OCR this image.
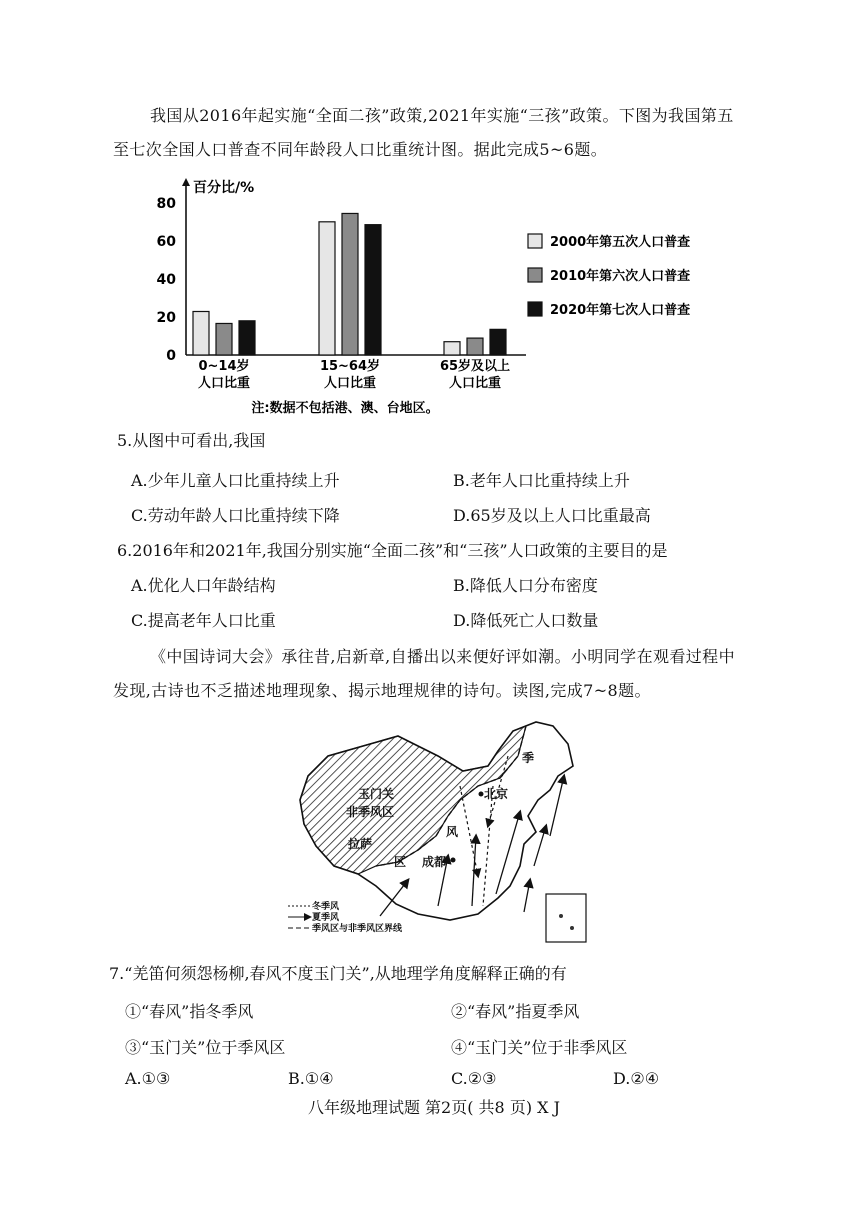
我国从2016年起实施“全面二孩”政策,2021年实施“三孩”政策。下图为我国第五
至七次全国人口普查不同年龄段人口比重统计图。据此完成5~6题。
百分比/%
0
20
40
60
80
0~14岁
人口比重
15~64岁
人口比重
65岁及以上
人口比重
2000年第五次人口普查
2010年第六次人口普查
2020年第七次人口普查
注:数据不包括港、澳、台地区。
5.从图中可看出,我国
A.少年儿童人口比重持续上升	B.老年人口比重持续上升
C.劳动年龄人口比重持续下降	D.65岁及以上人口比重最高
6.2016年和2021年,我国分别实施“全面二孩”和“三孩”人口政策的主要目的是
A.优化人口年龄结构	B.降低人口分布密度
C.提高老年人口比重	D.降低死亡人口数量
《中国诗词大会》承往昔,启新章,自播出以来便好评如潮。小明同学在观看过程中
发现,古诗也不乏描述地理现象、揭示地理规律的诗句。读图,完成7~8题。
玉门关
非季风区
北京
拉萨
成都
季
风
区
冬季风
夏季风
季风区与非季风区界线
7.“羌笛何须怨杨柳,春风不度玉门关”,从地理学角度解释正确的有
①“春风”指冬季风	②“春风”指夏季风
③“玉门关”位于季风区	④“玉门关”位于非季风区
A.①③	B.①④	C.②③	D.②④
八年级地理试题 第2页( 共8 页) X J
